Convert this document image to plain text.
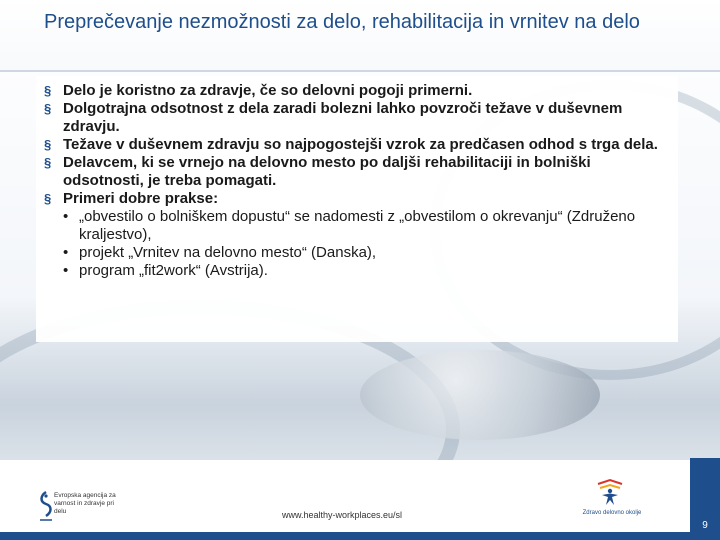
Preprečevanje nezmožnosti za delo, rehabilitacija in vrnitev na delo
§ Delo je koristno za zdravje, če so delovni pogoji primerni.
§ Dolgotrajna odsotnost z dela zaradi bolezni lahko povzroči težave v duševnem zdravju.
§ Težave v duševnem zdravju so najpogostejši vzrok za predčasen odhod s trga dela.
§ Delavcem, ki se vrnejo na delovno mesto po daljši rehabilitaciji in bolniški odsotnosti, je treba pomagati.
§ Primeri dobre prakse:
• „obvestilo o bolniškem dopustu“ se nadomesti z „obvestilom o okrevanju“ (Združeno kraljestvo),
• projekt „Vrnitev na delovno mesto“ (Danska),
• program „fit2work“ (Avstrija).
Evropska agencija za varnost in zdravje pri delu	www.healthy-workplaces.eu/sl	Zdravo delovno okolje
9
